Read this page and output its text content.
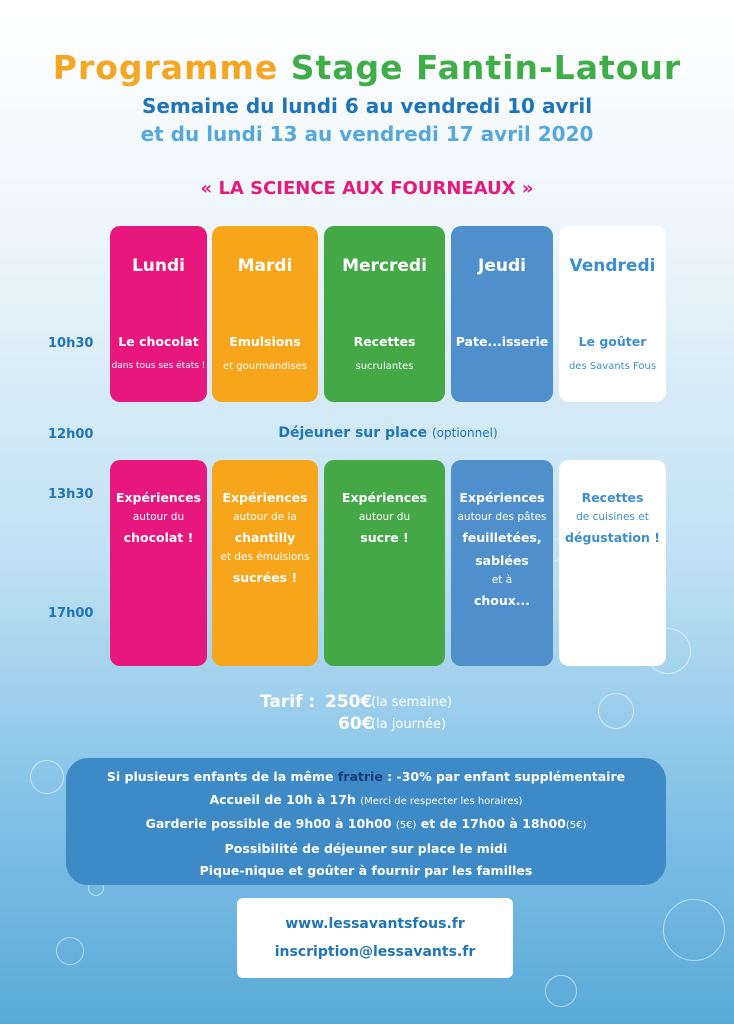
Programme Stage Fantin-Latour
Semaine du lundi 6 au vendredi 10 avril
et du lundi 13 au vendredi 17 avril 2020
« LA SCIENCE AUX FOURNEAUX »
10h30
12h00
13h30
17h00
Lundi
Le chocolat
dans tous ses états !
Mardi
Emulsions
et gourmandises
Mercredi
Recettes
sucrulantes
Jeudi
Pate...isserie
Vendredi
Le goûter
des Savants Fous
Déjeuner sur place (optionnel)
Expériences
autour du
chocolat !
Expériences
autour de la
chantilly
et des émulsions
sucrées !
Expériences
autour du
sucre !
Expériences
autour des pâtes
feuilletées,
sablées
et à
choux...
Recettes
de cuisines et
dégustation !
Tarif : 250€
(la semaine)
60€
(la journée)
Si plusieurs enfants de la même fratrie : -30% par enfant supplémentaire
Accueil de 10h à 17h (Merci de respecter les horaires)
Garderie possible de 9h00 à 10h00 (5€) et de 17h00 à 18h00(5€)
Possibilité de déjeuner sur place le midi
Pique-nique et goûter à fournir par les familles
www.lessavantsfous.fr
inscription@lessavants.fr
